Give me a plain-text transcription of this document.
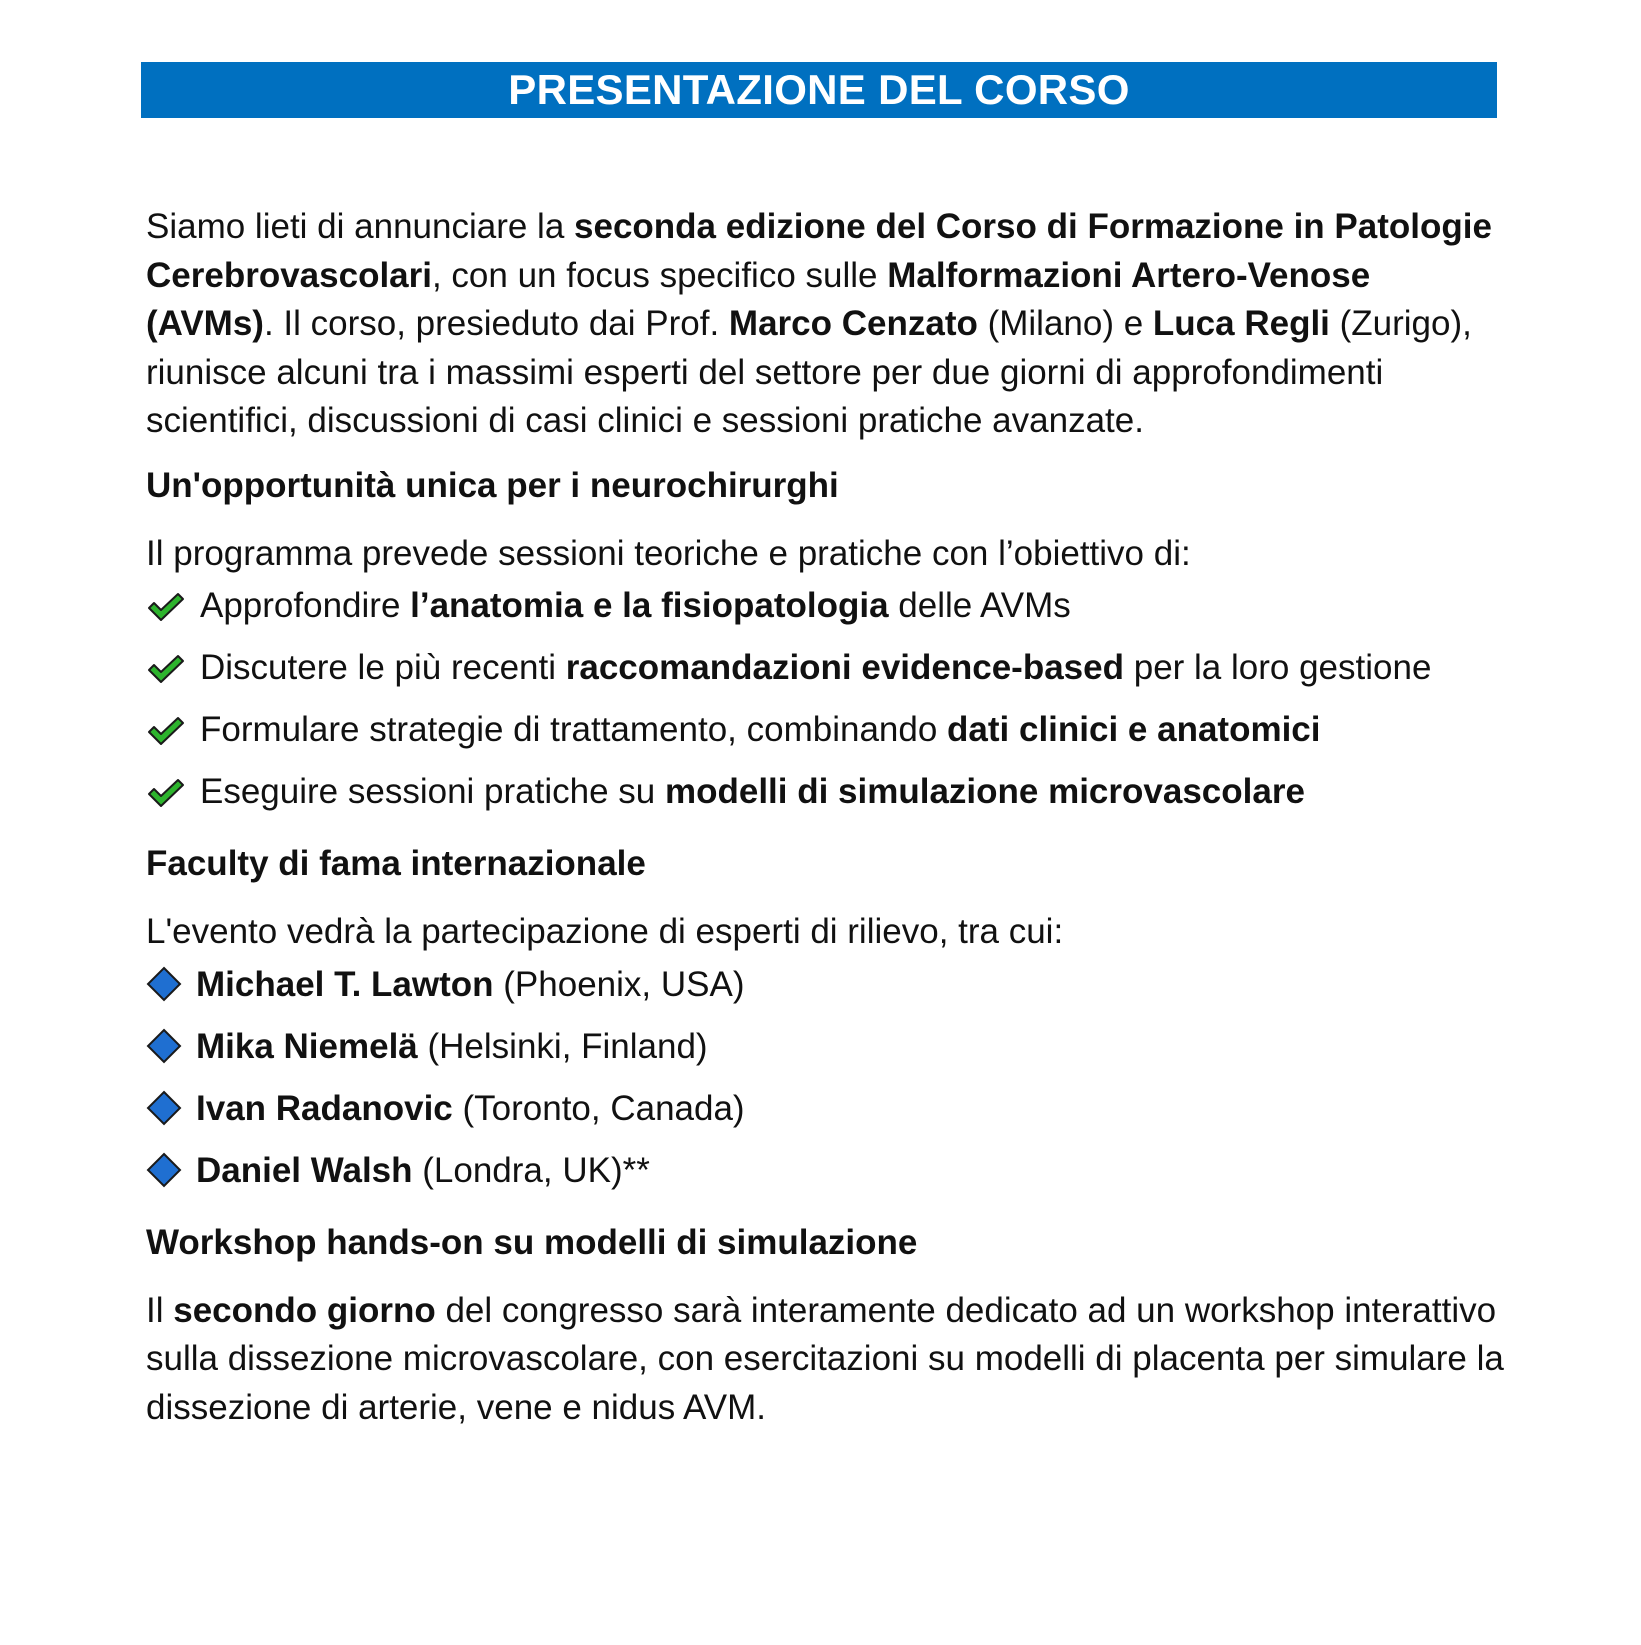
PRESENTAZIONE DEL CORSO

Siamo lieti di annunciare la seconda edizione del Corso di Formazione in Patologie Cerebrovascolari, con un focus specifico sulle Malformazioni Artero-Venose (AVMs). Il corso, presieduto dai Prof. Marco Cenzato (Milano) e Luca Regli (Zurigo), riunisce alcuni tra i massimi esperti del settore per due giorni di approfondimenti scientifici, discussioni di casi clinici e sessioni pratiche avanzate.

Un'opportunità unica per i neurochirurghi

Il programma prevede sessioni teoriche e pratiche con l’obiettivo di:

Approfondire l’anatomia e la fisiopatologia delle AVMs
Discutere le più recenti raccomandazioni evidence-based per la loro gestione
Formulare strategie di trattamento, combinando dati clinici e anatomici
Eseguire sessioni pratiche su modelli di simulazione microvascolare
Faculty di fama internazionale

L'evento vedrà la partecipazione di esperti di rilievo, tra cui:

Michael T. Lawton (Phoenix, USA)
Mika Niemelä (Helsinki, Finland)
Ivan Radanovic (Toronto, Canada)
Daniel Walsh (Londra, UK)**
Workshop hands-on su modelli di simulazione

Il secondo giorno del congresso sarà interamente dedicato ad un workshop interattivo sulla dissezione microvascolare, con esercitazioni su modelli di placenta per simulare la dissezione di arterie, vene e nidus AVM.
